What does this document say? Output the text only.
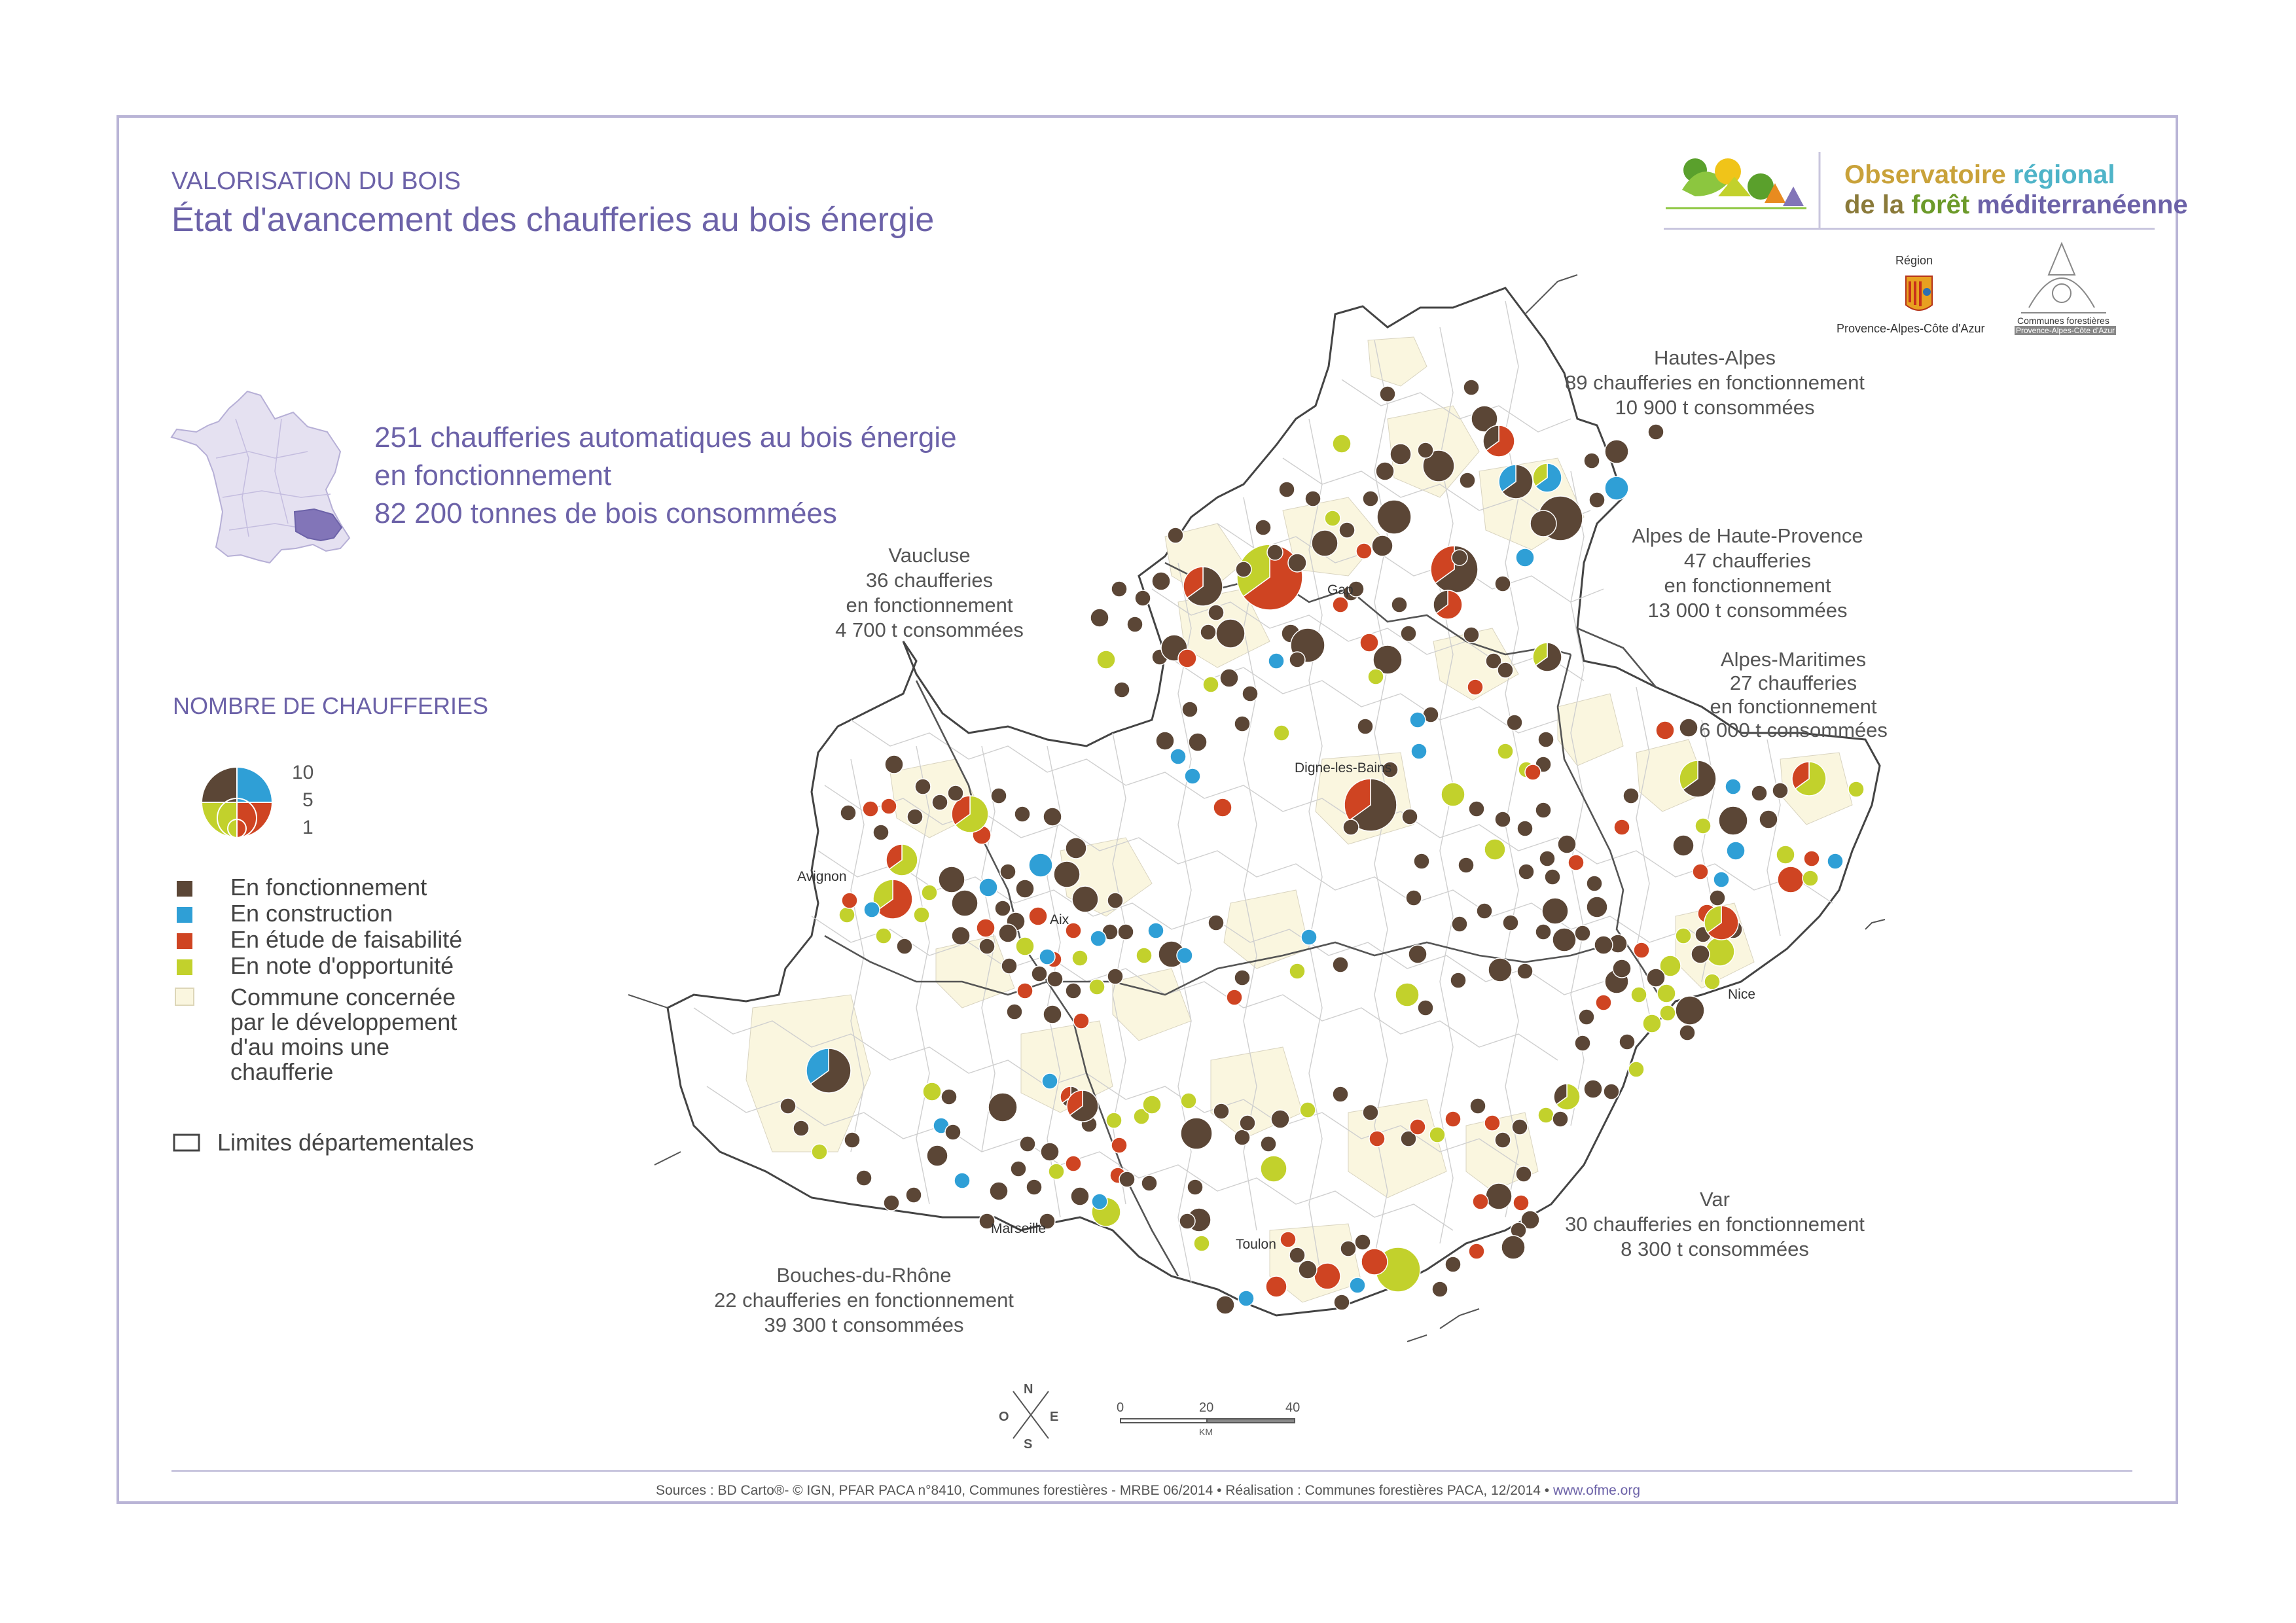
VALORISATION DU BOIS
État d'avancement des chaufferies au bois énergie
251 chaufferies automatiques au bois énergie
en fonctionnement
82 200 tonnes de bois consommées
Observatoire régional
de la forêt méditerranéenne
Région
Provence-Alpes-Côte d'Azur
Communes forestières
Provence-Alpes-Côte d'Azur
NOMBRE DE CHAUFFERIES
10
5
1
En fonctionnement
En construction
En étude de faisabilité
En note d'opportunité
Commune concernée
par le développement
d'au moins une
chaufferie
Limites départementales
Hautes-Alpes
89 chaufferies en fonctionnement
10 900 t consommées
Alpes de Haute-Provence
47 chaufferies
en fonctionnement
13 000 t consommées
Alpes-Maritimes
27 chaufferies
en fonctionnement
6 000 t consommées
Vaucluse
36 chaufferies
en fonctionnement
4 700 t consommées
Var
30 chaufferies en fonctionnement
8 300 t consommées
Bouches-du-Rhône
22 chaufferies en fonctionnement
39 300 t consommées
Gap
Digne-les-Bains
Avignon
Aix
Nice
Marseille
Toulon
N
S
E
O
0	20	40
KM
Sources : BD Carto®- © IGN, PFAR PACA n°8410, Communes forestières - MRBE 06/2014 • Réalisation : Communes forestières PACA, 12/2014 • www.ofme.org
